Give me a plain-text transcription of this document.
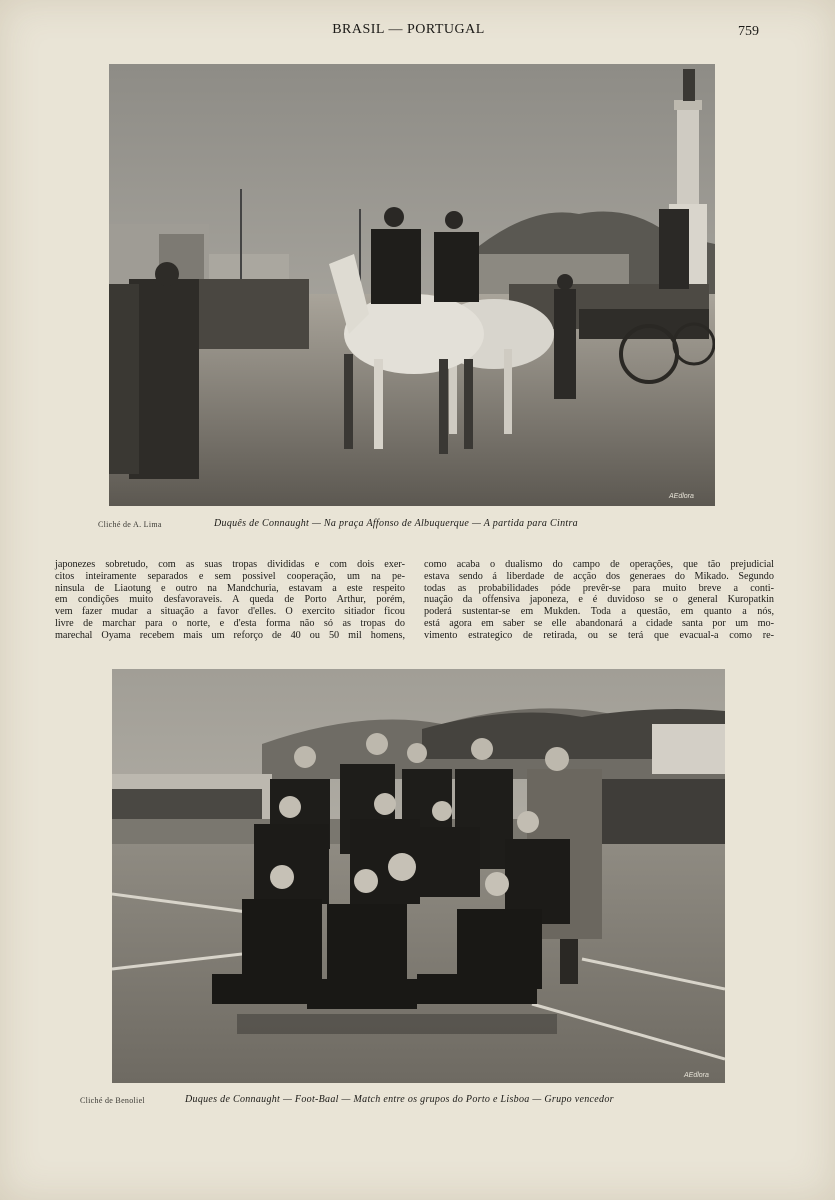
BRASIL — PORTUGAL	759
AEdlora
Cliché de A. Lima	Duquês de Connaught — Na praça Affonso de Albuquerque — A partida para Cintra
japonezes sobretudo, com as suas tropas divididas e com dois exer-
citos inteiramente separados e sem possivel cooperação, um na pe-
ninsula de Liaotung e outro na Mandchuria, estavam a este respeito
em condições muito desfavoraveis. A queda de Porto Arthur, porém,
vem fazer mudar a situação a favor d'elles. O exercito sitiador ficou
livre de marchar para o norte, e d'esta forma não só as tropas do
marechal Oyama recebem mais um reforço de 40 ou 50 mil homens,
como acaba o dualismo do campo de operações, que tão prejudicial
estava sendo á liberdade de acção dos generaes do Mikado. Segundo
todas as probabilidades póde prevêr-se para muito breve a conti-
nuação da offensiva japoneza, e é duvidoso se o general Kuropatkin
poderá sustentar-se em Mukden. Toda a questão, em quanto a nós,
está agora em saber se elle abandonará a cidade santa por um mo-
vimento estrategico de retirada, ou se terá que evacual-a como re-
AEdlora
Cliché de Benoliel	Duques de Connaught — Foot-Baal — Match entre os grupos do Porto e Lisboa — Grupo vencedor
